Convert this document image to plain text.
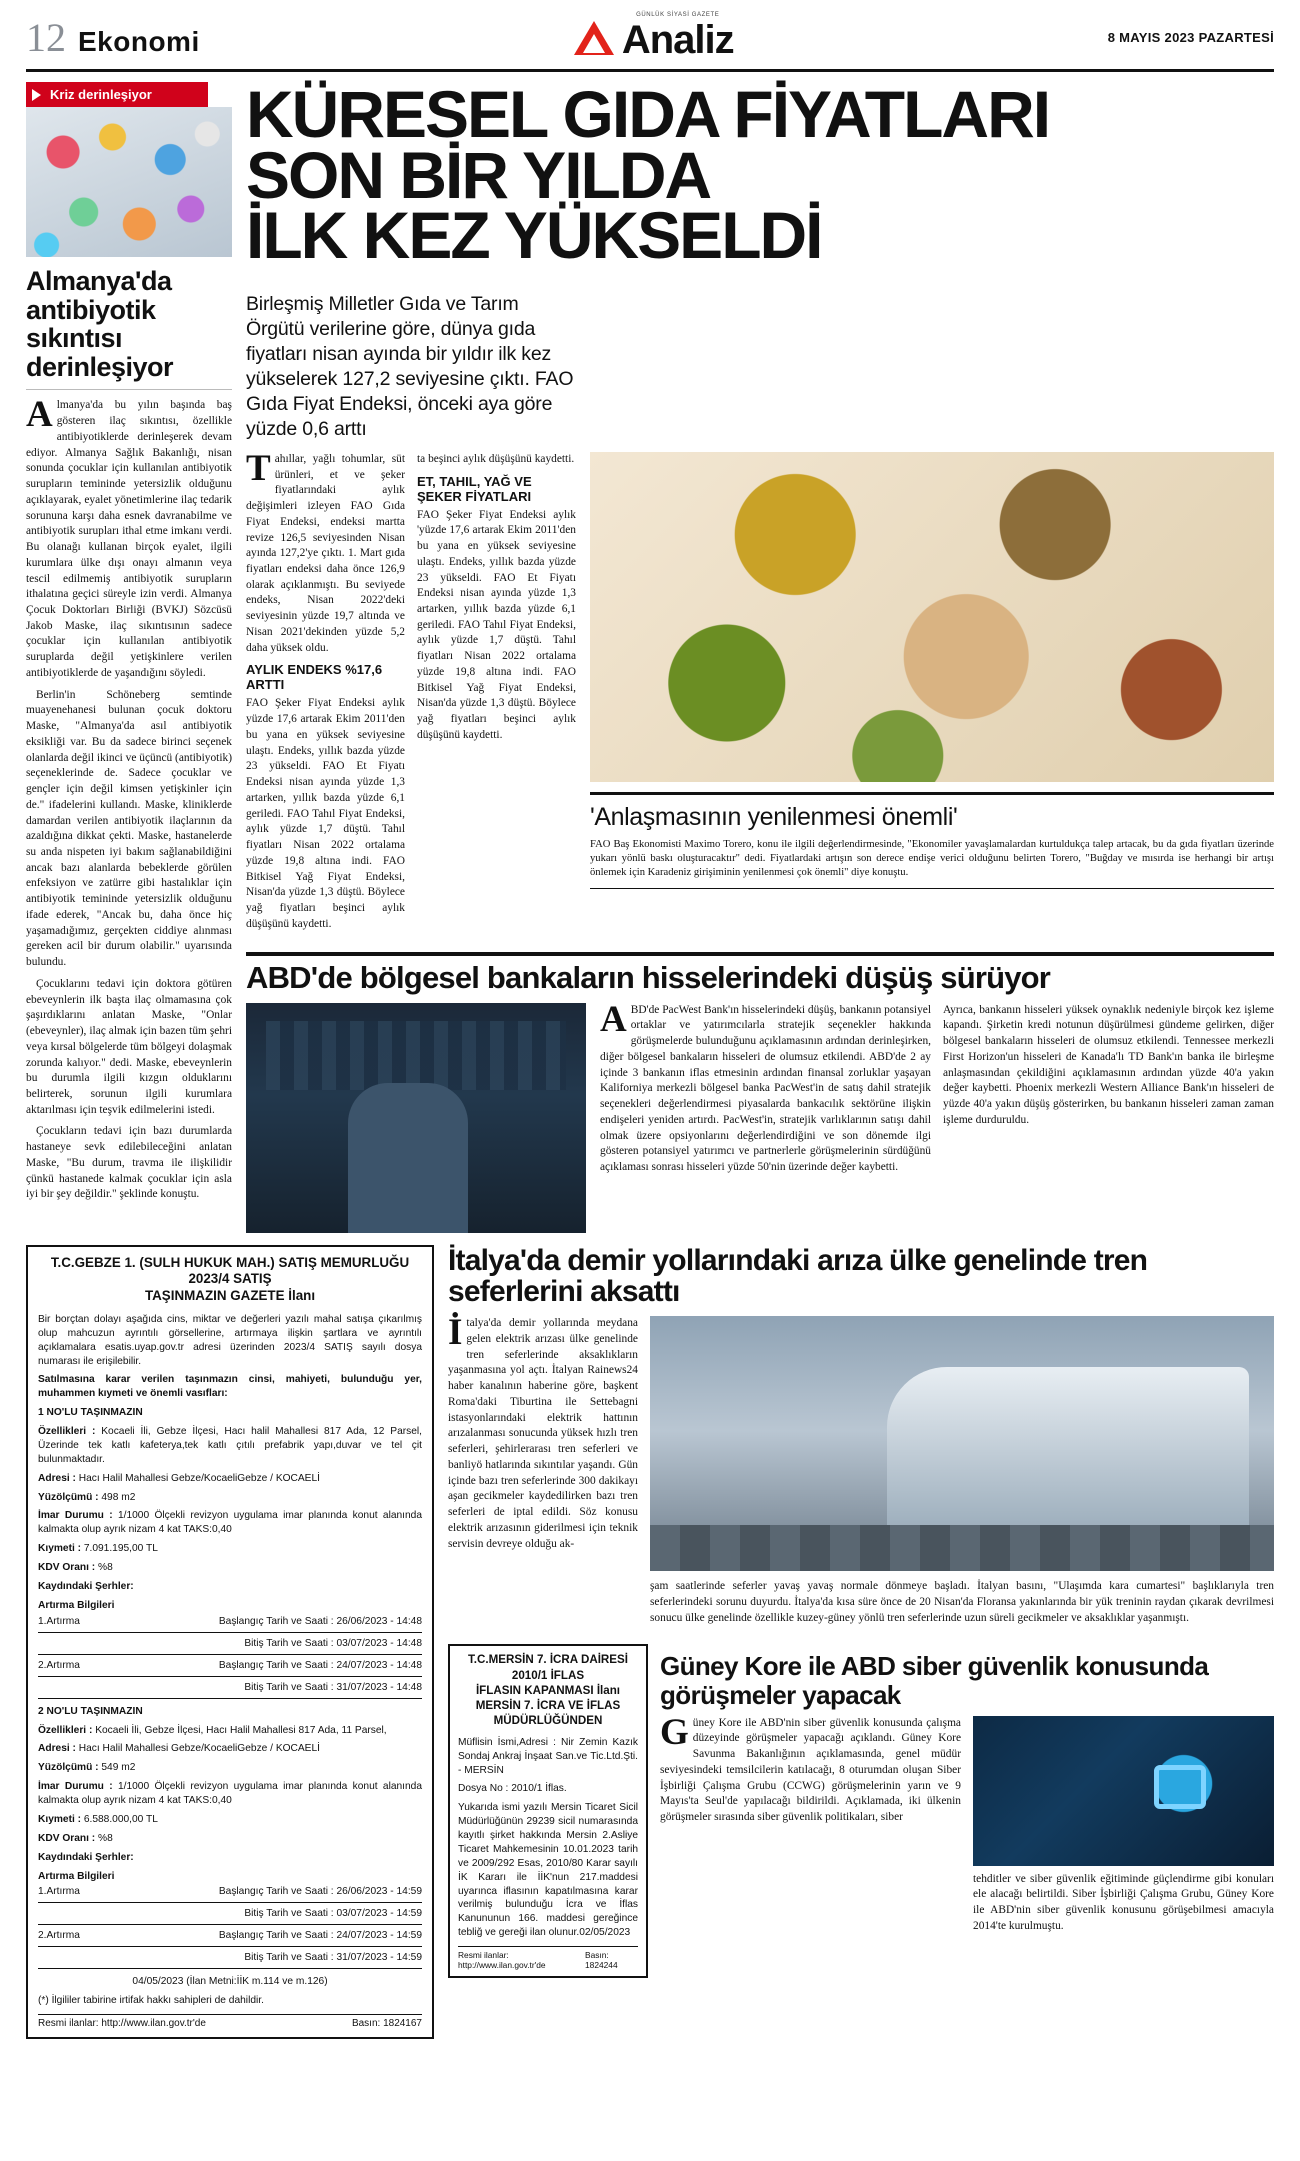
12 Ekonomi
GÜNLÜK SİYASİ GAZETE
Analiz	8 MAYIS 2023 PAZARTESİ
Kriz derinleşiyor
Almanya'da antibiyotik sıkıntısı derinleşiyor

Almanya'da bu yılın başında baş gösteren ilaç sıkıntısı, özellikle antibiyotiklerde derinleşerek devam ediyor. Almanya Sağlık Bakanlığı, nisan sonunda çocuklar için kullanılan antibiyotik surupların temininde yetersizlik olduğunu açıklayarak, eyalet yönetimlerine ilaç tedarik sorununa karşı daha esnek davranabilme ve antibiyotik surupları ithal etme imkanı verdi. Bu olanağı kullanan birçok eyalet, ilgili kurumlara ülke dışı onayı almanın veya tescil edilmemiş antibiyotik surupların ithalatına geçici süreyle izin verdi. Almanya Çocuk Doktorları Birliği (BVKJ) Sözcüsü Jakob Maske, ilaç sıkıntısının sadece çocuklar için kullanılan antibiyotik suruplarda değil yetişkinlere verilen antibiyotiklerde de yaşandığını söyledi.

Berlin'in Schöneberg semtinde muayenehanesi bulunan çocuk doktoru Maske, "Almanya'da asıl antibiyotik eksikliği var. Bu da sadece birinci seçenek olanlarda değil ikinci ve üçüncü (antibiyotik) seçeneklerinde de. Sadece çocuklar ve gençler için değil kimsen yetişkinler için de." ifadelerini kullandı. Maske, kliniklerde damardan verilen antibiyotik ilaçlarının da azaldığına dikkat çekti. Maske, hastanelerde su anda nispeten iyi bakım sağlanabildiğini ancak bazı alanlarda bebeklerde görülen enfeksiyon ve zatürre gibi hastalıklar için antibiyotik temininde yetersizlik olduğunu ifade ederek, "Ancak bu, daha önce hiç yaşamadığımız, gerçekten ciddiye alınması gereken acil bir durum olabilir." uyarısında bulundu.

Çocuklarını tedavi için doktora götüren ebeveynlerin ilk başta ilaç olmamasına çok şaşırdıklarını anlatan Maske, "Onlar (ebeveynler), ilaç almak için bazen tüm şehri veya kırsal bölgelerde tüm bölgeyi dolaşmak zorunda kalıyor." dedi. Maske, ebeveynlerin bu durumla ilgili kızgın olduklarını belirterek, sorunun ilgili kurumlara aktarılması için teşvik edilmelerini istedi.

Çocukların tedavi için bazı durumlarda hastaneye sevk edilebileceğini anlatan Maske, "Bu durum, travma ile ilişkilidir çünkü hastanede kalmak çocuklar için asla iyi bir şey değildir." şeklinde konuştu.

KÜRESEL GIDA FİYATLARI
SON BİR YILDA
İLK KEZ YÜKSELDİ
Birleşmiş Milletler Gıda ve Tarım Örgütü verilerine göre, dünya gıda fiyatları nisan ayında bir yıldır ilk kez yükselerek 127,2 seviyesine çıktı. FAO Gıda Fiyat Endeksi, önceki aya göre yüzde 0,6 arttı

Tahıllar, yağlı tohumlar, süt ürünleri, et ve şeker fiyatlarındaki aylık değişimleri izleyen FAO Gıda Fiyat Endeksi, endeksi martta revize 126,5 seviyesinden Nisan ayında 127,2'ye çıktı. 1. Mart gıda fiyatları endeksi daha önce 126,9 olarak açıklanmıştı. Bu seviyede endeks, Nisan 2022'deki seviyesinin yüzde 19,7 altında ve Nisan 2021'dekinden yüzde 5,2 daha yüksek oldu.

AYLIK ENDEKS %17,6 ARTTI

FAO Şeker Fiyat Endeksi aylık yüzde 17,6 artarak Ekim 2011'den bu yana en yüksek seviyesine ulaştı. Endeks, yıllık bazda yüzde 23 yükseldi. FAO Et Fiyatı Endeksi nisan ayında yüzde 1,3 artarken, yıllık bazda yüzde 6,1 geriledi. FAO Tahıl Fiyat Endeksi, aylık yüzde 1,7 düştü. Tahıl fiyatları Nisan 2022 ortalama yüzde 19,8 altına indi. FAO Bitkisel Yağ Fiyat Endeksi, Nisan'da yüzde 1,3 düştü. Böylece yağ fiyatları beşinci aylık düşüşünü kaydetti.

ta beşinci aylık düşüşünü kaydetti.

ET, TAHIL, YAĞ VE ŞEKER FİYATLARI

FAO Şeker Fiyat Endeksi aylık 'yüzde 17,6 artarak Ekim 2011'den bu yana en yüksek seviyesine ulaştı. Endeks, yıllık bazda yüzde 23 yükseldi. FAO Et Fiyatı Endeksi nisan ayında yüzde 1,3 artarken, yıllık bazda yüzde 6,1 geriledi. FAO Tahıl Fiyat Endeksi, aylık yüzde 1,7 düştü. Tahıl fiyatları Nisan 2022 ortalama yüzde 19,8 altına indi. FAO Bitkisel Yağ Fiyat Endeksi, Nisan'da yüzde 1,3 düştü. Böylece yağ fiyatları beşinci aylık düşüşünü kaydetti.

'Anlaşmasının yenilenmesi önemli'
FAO Baş Ekonomisti Maximo Torero, konu ile ilgili değerlendirmesinde, "Ekonomiler yavaşlamalardan kurtuldukça talep artacak, bu da gıda fiyatları üzerinde yukarı yönlü baskı oluşturacaktır" dedi. Fiyatlardaki artışın son derece endişe verici olduğunu belirten Torero, "Buğday ve mısırda ise herhangi bir artışı önlemek için Karadeniz girişiminin yenilenmesi çok önemli" diye konuştu.
ABD'de bölgesel bankaların hisselerindeki düşüş sürüyor

ABD'de PacWest Bank'ın hisselerindeki düşüş, bankanın potansiyel ortaklar ve yatırımcılarla stratejik seçenekler hakkında görüşmelerde bulunduğunu açıklamasının ardından derinleşirken, diğer bölgesel bankaların hisseleri de olumsuz etkilendi. ABD'de 2 ay içinde 3 bankanın iflas etmesinin ardından finansal zorluklar yaşayan Kaliforniya merkezli bölgesel banka PacWest'in de satış dahil stratejik seçenekleri değerlendirmesi piyasalarda bankacılık sektörüne ilişkin endişeleri yeniden artırdı. PacWest'in, stratejik varlıklarının satışı dahil olmak üzere opsiyonlarını değerlendirdiğini ve son dönemde ilgi gösteren potansiyel yatırımcı ve partnerlerle görüşmelerinin sürdüğünü açıklaması sonrası hisseleri yüzde 50'nin üzerinde değer kaybetti.

Ayrıca, bankanın hisseleri yüksek oynaklık nedeniyle birçok kez işleme kapandı. Şirketin kredi notunun düşürülmesi gündeme gelirken, diğer bölgesel bankaların hisseleri de olumsuz etkilendi. Tennessee merkezli First Horizon'un hisseleri de Kanada'lı TD Bank'ın banka ile birleşme anlaşmasından çekildiğini açıklamasının ardından yüzde 40'a yakın değer kaybetti. Phoenix merkezli Western Alliance Bank'ın hisseleri de yüzde 40'a yakın düşüş gösterirken, bu bankanın hisseleri zaman zaman işleme durduruldu.

T.C.GEBZE 1. (SULH HUKUK MAH.) SATIŞ MEMURLUĞU
2023/4 SATIŞ
TAŞINMAZIN GAZETE İlanı

Bir borçtan dolayı aşağıda cins, miktar ve değerleri yazılı mahal satışa çıkarılmış olup mahcuzun ayrıntılı görsellerine, artırmaya ilişkin şartlara ve ayrıntılı açıklamalara esatis.uyap.gov.tr adresi üzerinden 2023/4 SATIŞ sayılı dosya numarası ile erişilebilir.

Satılmasına karar verilen taşınmazın cinsi, mahiyeti, bulunduğu yer, muhammen kıymeti ve önemli vasıfları:

1 NO'LU TAŞINMAZIN

Özellikleri : Kocaeli İli, Gebze İlçesi, Hacı halil Mahallesi 817 Ada, 12 Parsel, Üzerinde tek katlı kafeterya,tek katlı çıtılı prefabrik yapı,duvar ve tel çit bulunmaktadır.

Adresi : Hacı Halil Mahallesi Gebze/KocaeliGebze / KOCAELİ

Yüzölçümü : 498 m2

İmar Durumu : 1/1000 Ölçekli revizyon uygulama imar planında konut alanında kalmakta olup ayrık nizam 4 kat TAKS:0,40

Kıymeti : 7.091.195,00 TL

KDV Oranı : %8

Kaydındaki Şerhler:

Artırma Bilgileri

1.Artırma	Başlangıç Tarih ve Saati : 26/06/2023 - 14:48
Bitiş Tarih ve Saati : 03/07/2023 - 14:48
2.Artırma	Başlangıç Tarih ve Saati : 24/07/2023 - 14:48
Bitiş Tarih ve Saati : 31/07/2023 - 14:48

2 NO'LU TAŞINMAZIN

Özellikleri : Kocaeli İli, Gebze İlçesi, Hacı Halil Mahallesi 817 Ada, 11 Parsel,

Adresi : Hacı Halil Mahallesi Gebze/KocaeliGebze / KOCAELİ

Yüzölçümü : 549 m2

İmar Durumu : 1/1000 Ölçekli revizyon uygulama imar planında konut alanında kalmakta olup ayrık nizam 4 kat TAKS:0,40

Kıymeti : 6.588.000,00 TL

KDV Oranı : %8

Kaydındaki Şerhler:

Artırma Bilgileri

1.Artırma	Başlangıç Tarih ve Saati : 26/06/2023 - 14:59
Bitiş Tarih ve Saati : 03/07/2023 - 14:59
2.Artırma	Başlangıç Tarih ve Saati : 24/07/2023 - 14:59
Bitiş Tarih ve Saati : 31/07/2023 - 14:59

04/05/2023 (İlan Metni:İİK m.114 ve m.126)

(*) İlgililer tabirine irtifak hakkı sahipleri de dahildir.

Resmi ilanlar: http://www.ilan.gov.tr'de	Basın: 1824167
İtalya'da demir yollarındaki arıza ülke genelinde tren seferlerini aksattı

İtalya'da demir yollarında meydana gelen elektrik arızası ülke genelinde tren seferlerinde aksaklıkların yaşanmasına yol açtı. İtalyan Rainews24 haber kanalının haberine göre, başkent Roma'daki Tiburtina ile Settebagni istasyonlarındaki elektrik hattının arızalanması sonucunda yüksek hızlı tren seferleri, şehirlerarası tren seferleri ve banliyö hatlarında sıkıntılar yaşandı. Gün içinde bazı tren seferlerinde 300 dakikayı aşan gecikmeler kaydedilirken bazı tren seferleri de iptal edildi. Söz konusu elektrik arızasının giderilmesi için teknik servisin devreye olduğu ak-

şam saatlerinde seferler yavaş yavaş normale dönmeye başladı. İtalyan basını, "Ulaşımda kara cumartesi" başlıklarıyla tren seferlerindeki sorunu duyurdu. İtalya'da kısa süre önce de 20 Nisan'da Floransa yakınlarında bir yük treninin raydan çıkarak devrilmesi sonucu ülke genelinde özellikle kuzey-güney yönlü tren seferlerinde uzun süreli gecikmeler ve aksaklıklar yaşanmıştı.

T.C.MERSİN 7. İCRA DAİRESİ
2010/1 İFLAS
İFLASIN KAPANMASI İlanı
MERSİN 7. İCRA VE İFLAS
MÜDÜRLÜĞÜNDEN

Müflisin İsmi,Adresi : Nir Zemin Kazık Sondaj Ankraj İnşaat San.ve Tic.Ltd.Şti. - MERSİN

Dosya No : 2010/1 İflas.

Yukarıda ismi yazılı Mersin Ticaret Sicil Müdürlüğünün 29239 sicil numarasında kayıtlı şirket hakkında Mersin 2.Asliye Ticaret Mahkemesinin 10.01.2023 tarih ve 2009/292 Esas, 2010/80 Karar sayılı İK Kararı ile İİK'nun 217.maddesi uyarınca iflasının kapatılmasına karar verilmiş bulunduğu İcra ve İflas Kanununun 166. maddesi gereğince tebliğ ve gereği ilan olunur.02/05/2023

Resmi ilanlar: http://www.ilan.gov.tr'de
Basın: 1824244
Güney Kore ile ABD siber güvenlik konusunda görüşmeler yapacak

Güney Kore ile ABD'nin siber güvenlik konusunda çalışma düzeyinde görüşmeler yapacağı açıklandı. Güney Kore Savunma Bakanlığının açıklamasında, genel müdür seviyesindeki temsilcilerin katılacağı, 8 oturumdan oluşan Siber İşbirliği Çalışma Grubu (CCWG) görüşmelerinin yarın ve 9 Mayıs'ta Seul'de yapılacağı bildirildi. Açıklamada, iki ülkenin görüşmeler sırasında siber güvenlik politikaları, siber

tehditler ve siber güvenlik eğitiminde güçlendirme gibi konuları ele alacağı belirtildi. Siber İşbirliği Çalışma Grubu, Güney Kore ile ABD'nin siber güvenlik konusunu görüşebilmesi amacıyla 2014'te kurulmuştu.
